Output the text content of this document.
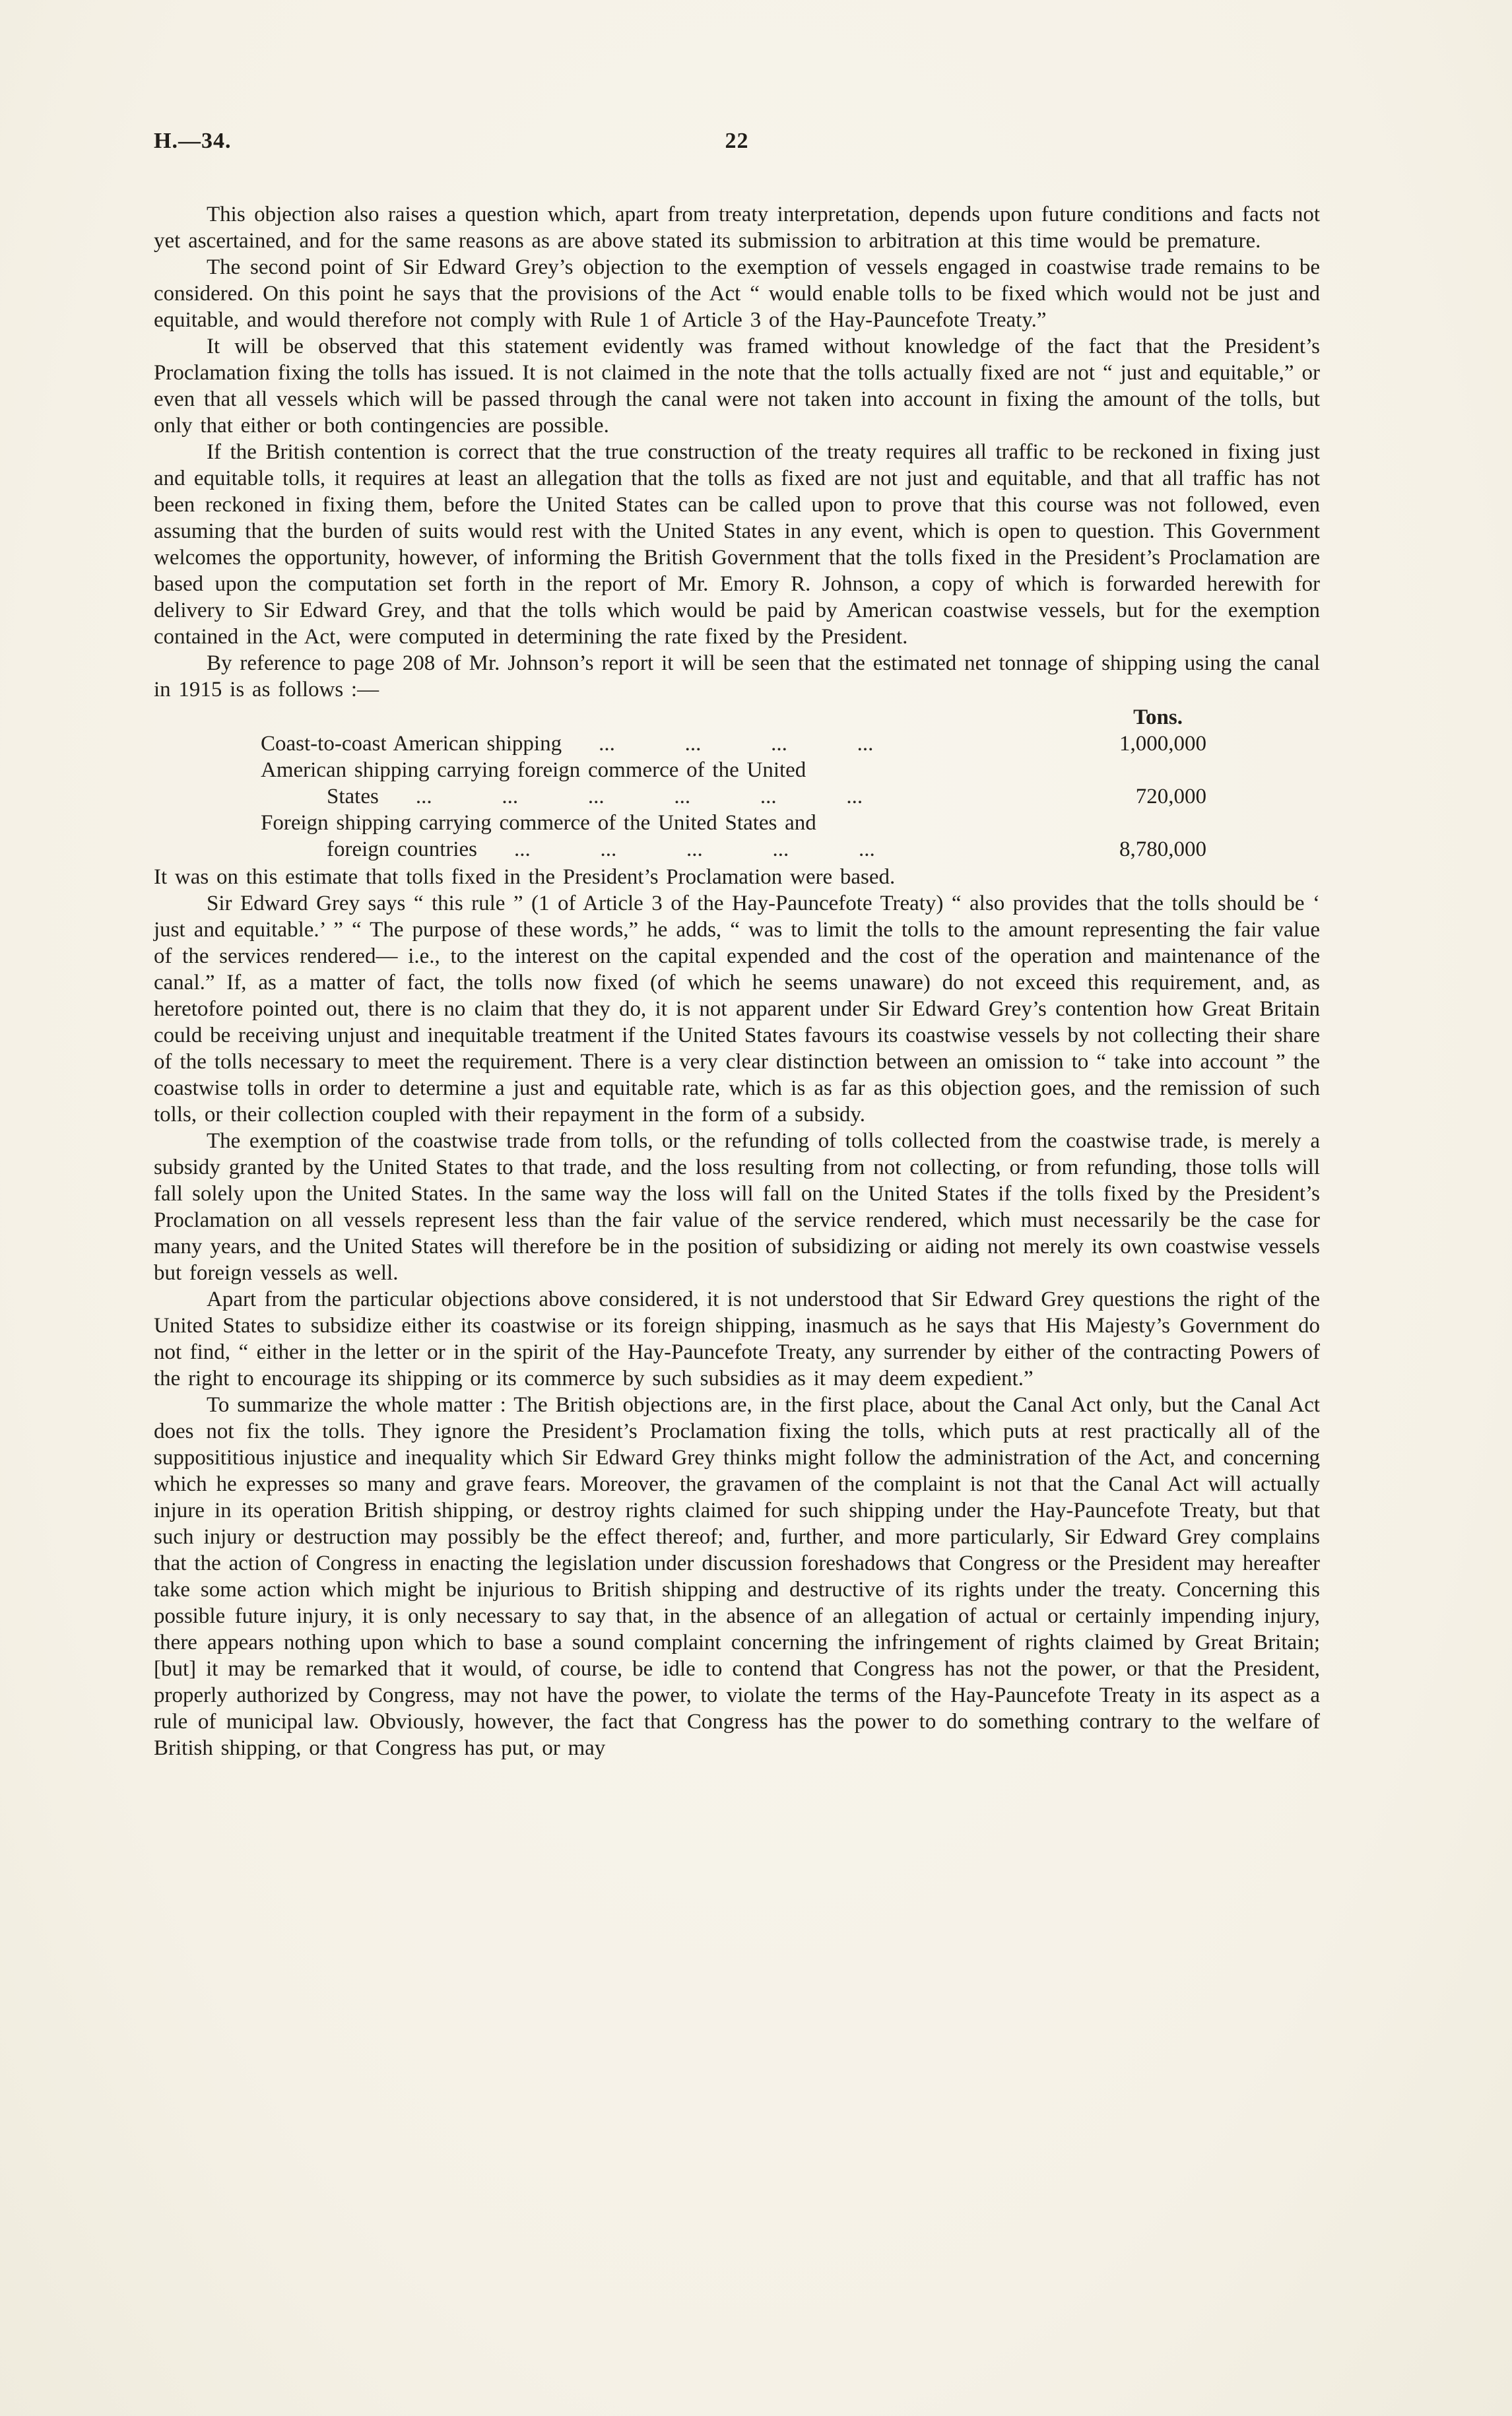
H.—34.	22

This objection also raises a question which, apart from treaty interpretation, depends upon future conditions and facts not yet ascertained, and for the same reasons as are above stated its submission to arbitration at this time would be premature.

The second point of Sir Edward Grey’s objection to the exemption of vessels engaged in coastwise trade remains to be considered. On this point he says that the provisions of the Act “ would enable tolls to be fixed which would not be just and equitable, and would therefore not comply with Rule 1 of Article 3 of the Hay-Pauncefote Treaty.”

It will be observed that this statement evidently was framed without knowledge of the fact that the President’s Proclamation fixing the tolls has issued. It is not claimed in the note that the tolls actually fixed are not “ just and equitable,” or even that all vessels which will be passed through the canal were not taken into account in fixing the amount of the tolls, but only that either or both contingencies are possible.

If the British contention is correct that the true construction of the treaty requires all traffic to be reckoned in fixing just and equitable tolls, it requires at least an allegation that the tolls as fixed are not just and equitable, and that all traffic has not been reckoned in fixing them, before the United States can be called upon to prove that this course was not followed, even assuming that the burden of suits would rest with the United States in any event, which is open to question. This Government welcomes the opportunity, however, of informing the British Government that the tolls fixed in the President’s Proclamation are based upon the computation set forth in the report of Mr. Emory R. Johnson, a copy of which is forwarded herewith for delivery to Sir Edward Grey, and that the tolls which would be paid by American coastwise vessels, but for the exemption contained in the Act, were computed in determining the rate fixed by the President.

By reference to page 208 of Mr. Johnson’s report it will be seen that the estimated net tonnage of shipping using the canal in 1915 is as follows :—

Tons.
Coast-to-coast American shipping	...         ...         ...         ...	1,000,000
American shipping carrying foreign commerce of the United
States	...         ...         ...         ...         ...         ...	720,000
Foreign shipping carrying commerce of the United States and
foreign countries	...         ...         ...         ...         ...	8,780,000

It was on this estimate that tolls fixed in the President’s Proclamation were based.

Sir Edward Grey says “ this rule ” (1 of Article 3 of the Hay-Pauncefote Treaty) “ also provides that the tolls should be ‘ just and equitable.’ ” “ The purpose of these words,” he adds, “ was to limit the tolls to the amount representing the fair value of the services rendered— i.e., to the interest on the capital expended and the cost of the operation and maintenance of the canal.” If, as a matter of fact, the tolls now fixed (of which he seems unaware) do not exceed this requirement, and, as heretofore pointed out, there is no claim that they do, it is not apparent under Sir Edward Grey’s contention how Great Britain could be receiving unjust and inequitable treatment if the United States favours its coastwise vessels by not collecting their share of the tolls necessary to meet the requirement. There is a very clear distinction between an omission to “ take into account ” the coastwise tolls in order to determine a just and equitable rate, which is as far as this objection goes, and the remission of such tolls, or their collection coupled with their repayment in the form of a subsidy.

The exemption of the coastwise trade from tolls, or the refunding of tolls collected from the coastwise trade, is merely a subsidy granted by the United States to that trade, and the loss resulting from not collecting, or from refunding, those tolls will fall solely upon the United States. In the same way the loss will fall on the United States if the tolls fixed by the President’s Proclamation on all vessels represent less than the fair value of the service rendered, which must necessarily be the case for many years, and the United States will therefore be in the position of subsidizing or aiding not merely its own coastwise vessels but foreign vessels as well.

Apart from the particular objections above considered, it is not understood that Sir Edward Grey questions the right of the United States to subsidize either its coastwise or its foreign shipping, inasmuch as he says that His Majesty’s Government do not find, “ either in the letter or in the spirit of the Hay-Pauncefote Treaty, any surrender by either of the contracting Powers of the right to encourage its shipping or its commerce by such subsidies as it may deem expedient.”

To summarize the whole matter : The British objections are, in the first place, about the Canal Act only, but the Canal Act does not fix the tolls. They ignore the President’s Proclamation fixing the tolls, which puts at rest practically all of the supposititious injustice and inequality which Sir Edward Grey thinks might follow the administration of the Act, and concerning which he expresses so many and grave fears. Moreover, the gravamen of the complaint is not that the Canal Act will actually injure in its operation British shipping, or destroy rights claimed for such shipping under the Hay-Pauncefote Treaty, but that such injury or destruction may possibly be the effect thereof; and, further, and more particularly, Sir Edward Grey complains that the action of Congress in enacting the legislation under discussion foreshadows that Congress or the President may hereafter take some action which might be injurious to British shipping and destructive of its rights under the treaty. Concerning this possible future injury, it is only necessary to say that, in the absence of an allegation of actual or certainly impending injury, there appears nothing upon which to base a sound complaint concerning the infringement of rights claimed by Great Britain; [but] it may be remarked that it would, of course, be idle to contend that Congress has not the power, or that the President, properly authorized by Congress, may not have the power, to violate the terms of the Hay-Pauncefote Treaty in its aspect as a rule of municipal law. Obviously, however, the fact that Congress has the power to do something contrary to the welfare of British shipping, or that Congress has put, or may
